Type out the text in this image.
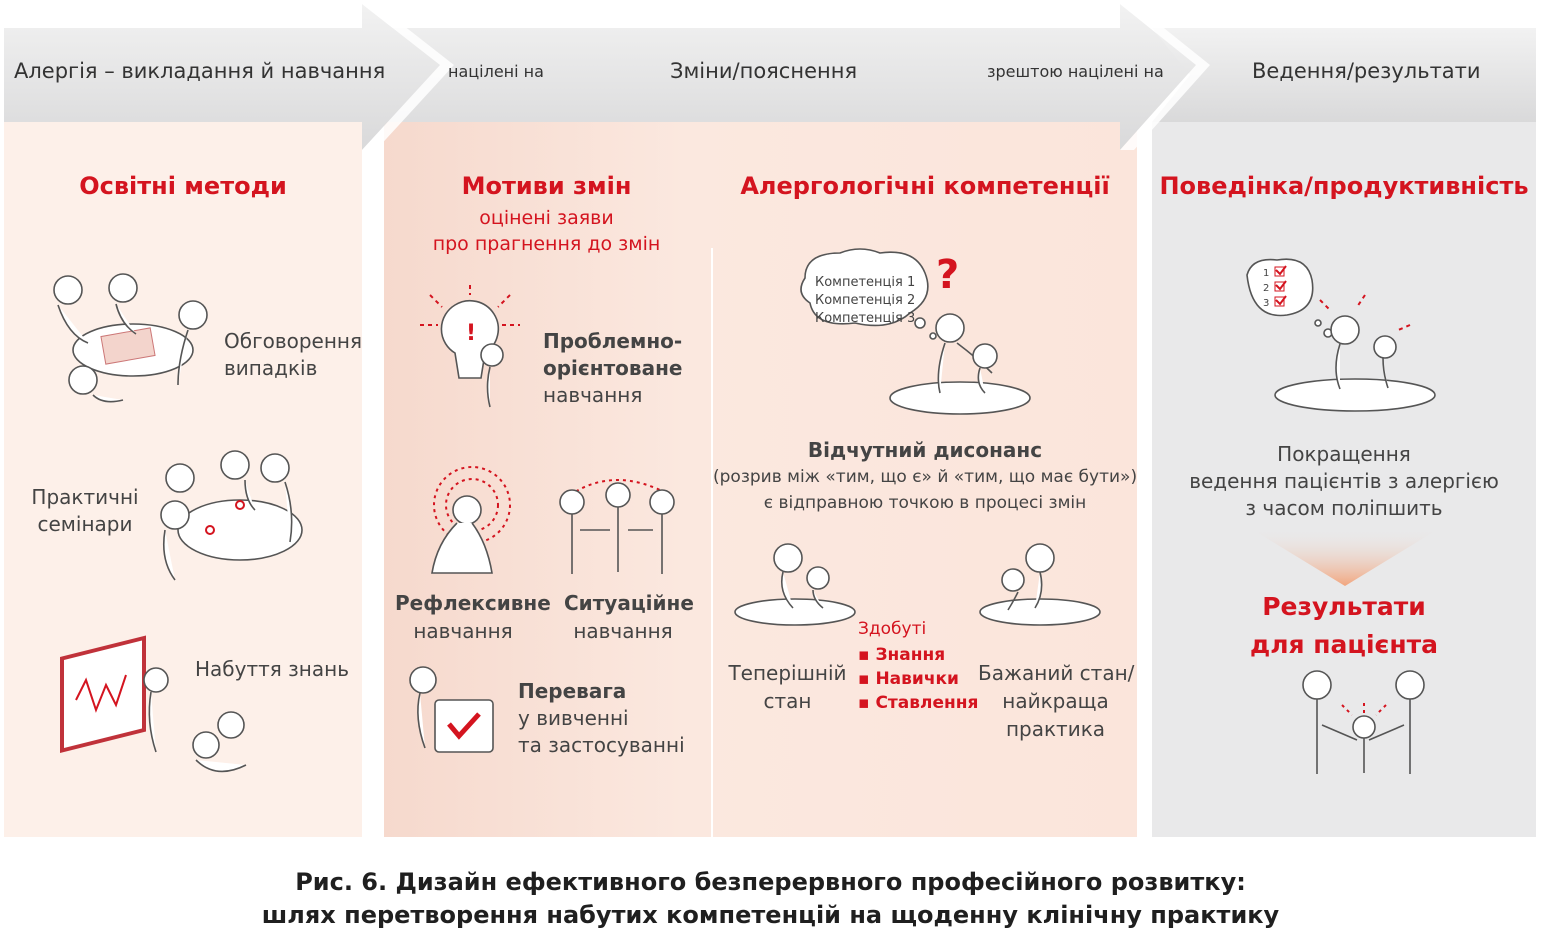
Алергія – викладання й навчання	націлені на	Зміни/пояснення	зрештою націлені на	Ведення/результати
Освітні методи
Обговорення
випадків
Практичні
семінари
Набуття знань
Мотиви змін
оцінені заяви
про прагнення до змін
!	Проблемно-
орієнтоване
навчання
Рефлексивне
навчання
Ситуаційне
навчання
Перевага
у вивченні
та застосуванні
Алергологічні компетенції
Компетенція 1
Компетенція 2
Компетенція 3
?
Відчутний дисонанс
(розрив між «тим, що є» й «тим, що має бути»)
є відправною точкою в процесі змін
Теперішній
стан
Здобуті
▪ Знання
▪ Навички
▪ Ставлення
Бажаний стан/
найкраща
практика
Поведінка/продуктивність
1
2
3
Покращення
ведення пацієнтів з алергією
з часом поліпшить
Результати
для пацієнта
Рис. 6. Дизайн ефективного безперервного професійного розвитку:
шлях перетворення набутих компетенцій на щоденну клінічну практику
